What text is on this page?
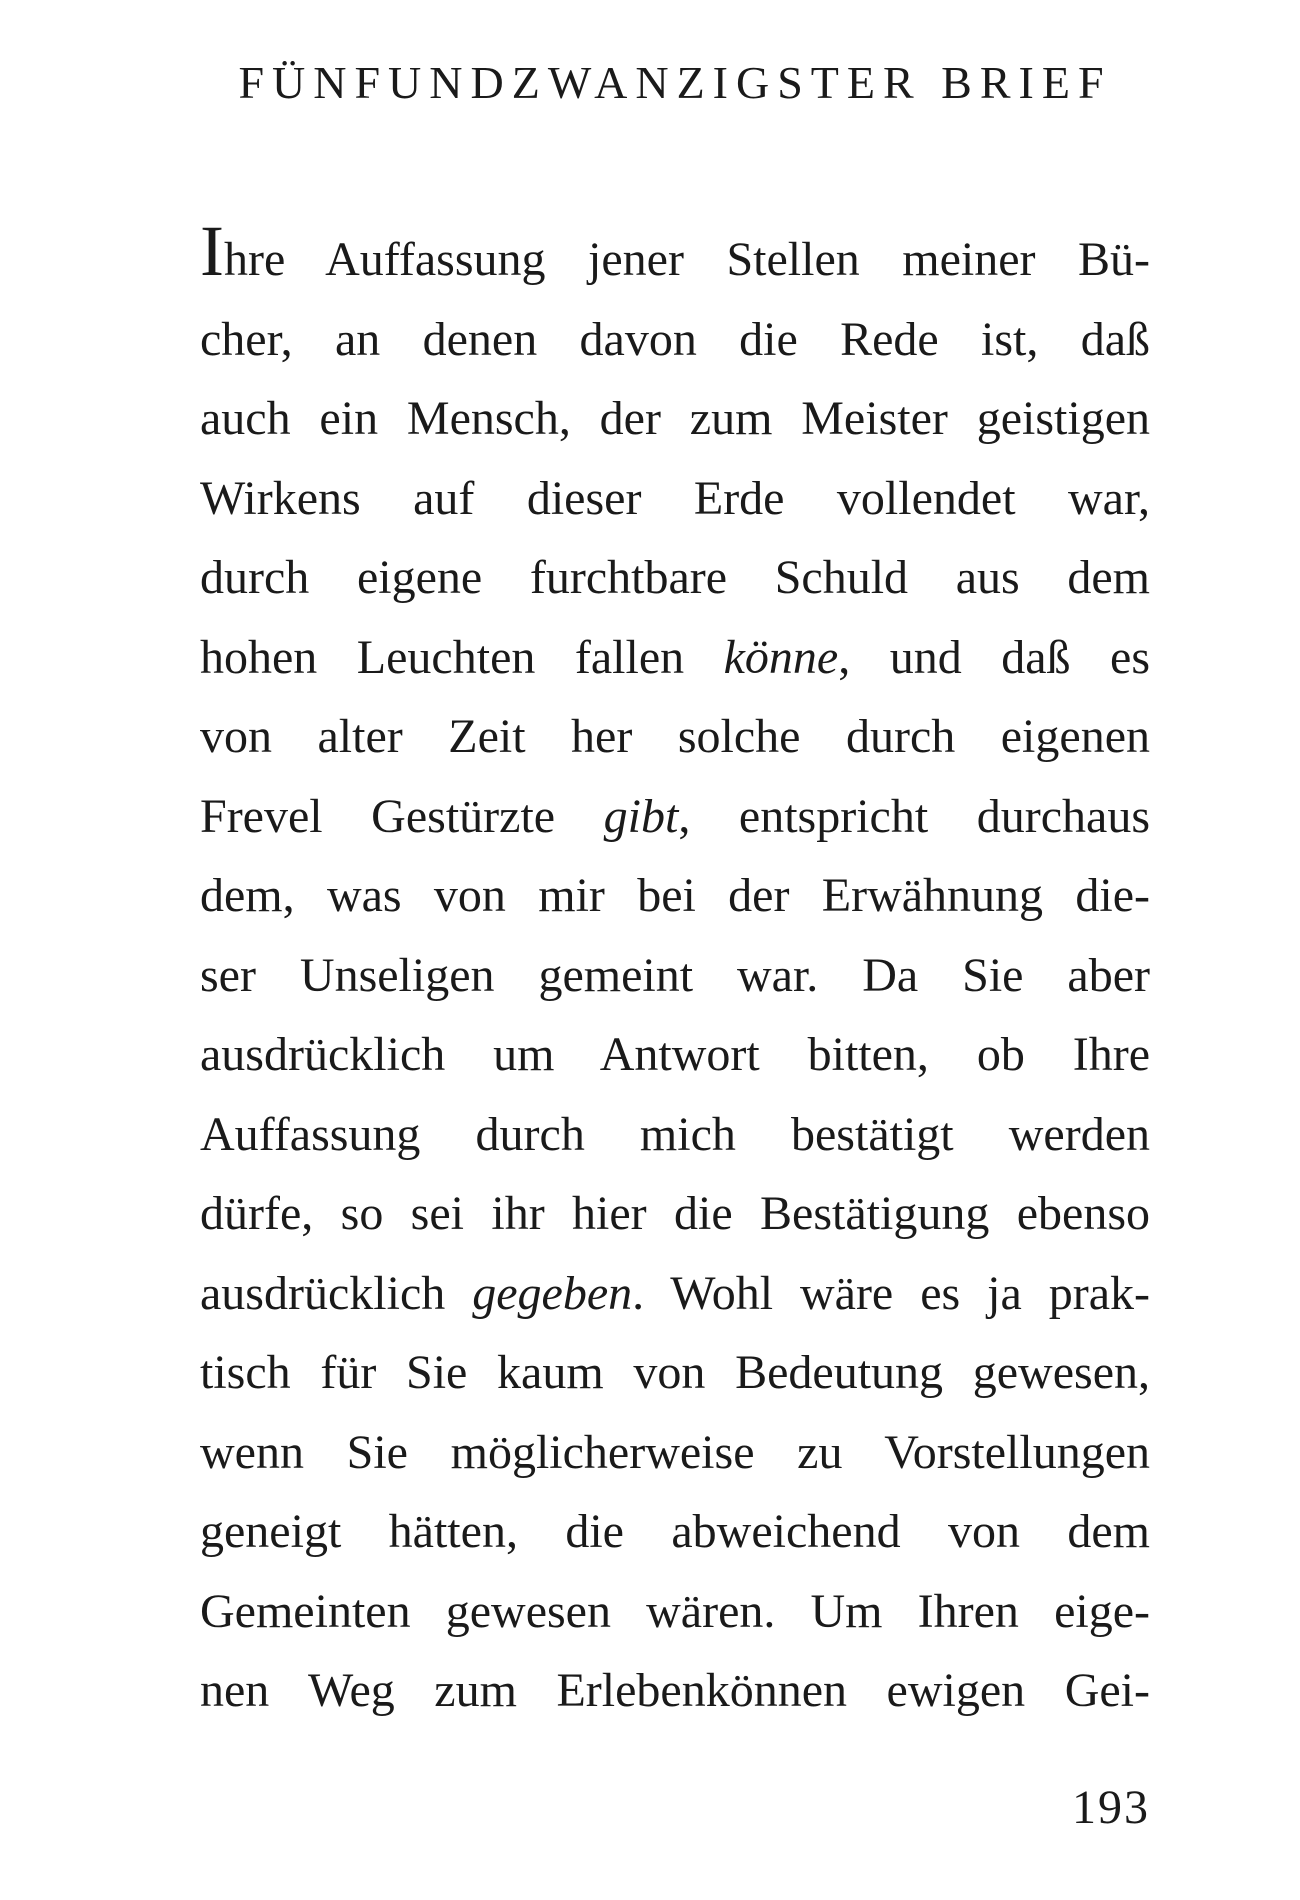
FÜNFUNDZWANZIGSTER BRIEF
Ihre Auffassung jener Stellen meiner Bü-
cher, an denen davon die Rede ist, daß
auch ein Mensch, der zum Meister geistigen
Wirkens auf dieser Erde vollendet war,
durch eigene furchtbare Schuld aus dem
hohen Leuchten fallen könne, und daß es
von alter Zeit her solche durch eigenen
Frevel Gestürzte gibt, entspricht durchaus
dem, was von mir bei der Erwähnung die-
ser Unseligen gemeint war. Da Sie aber
ausdrücklich um Antwort bitten, ob Ihre
Auffassung durch mich bestätigt werden
dürfe, so sei ihr hier die Bestätigung ebenso
ausdrücklich gegeben. Wohl wäre es ja prak-
tisch für Sie kaum von Bedeutung gewesen,
wenn Sie möglicherweise zu Vorstellungen
geneigt hätten, die abweichend von dem
Gemeinten gewesen wären. Um Ihren eige-
nen Weg zum Erlebenkönnen ewigen Gei-
193
